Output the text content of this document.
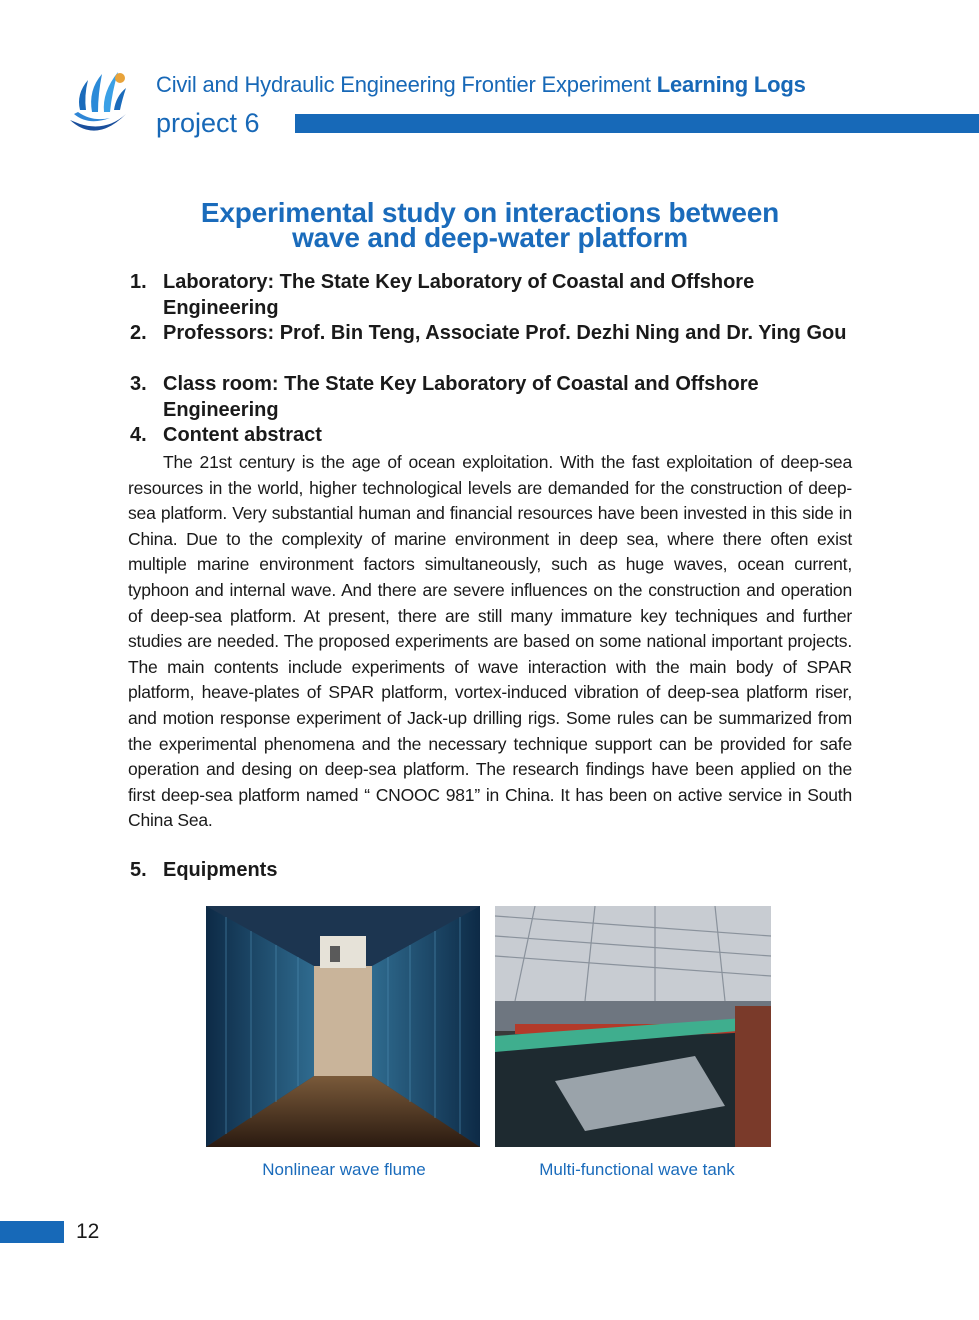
Civil and Hydraulic Engineering Frontier Experiment Learning Logs
project 6
Experimental study on interactions between
wave and deep-water platform
1. Laboratory: The State Key Laboratory of Coastal and Offshore Engineering
2. Professors: Prof. Bin Teng, Associate Prof. Dezhi Ning and Dr. Ying Gou
3. Class room: The State Key Laboratory of Coastal and Offshore Engineering
4. Content abstract

The 21st century is the age of ocean exploitation. With the fast exploitation of deep-sea resources in the world, higher technological levels are demanded for the construction of deep-sea platform. Very substantial human and financial resources have been invested in this side in China. Due to the complexity of marine environment in deep sea, where there often exist multiple marine environment factors simultaneously, such as huge waves, ocean current, typhoon and internal wave. And there are severe influences on the construction and operation of deep-sea platform. At present, there are still many immature key techniques and further studies are needed. The proposed experiments are based on some national important projects. The main contents include experiments of wave interaction with the main body of SPAR platform, heave-plates of SPAR platform, vortex-induced vibration of deep-sea platform riser, and motion response experiment of Jack-up drilling rigs. Some rules can be summarized from the experimental phenomena and the necessary technique support can be provided for safe operation and desing on deep-sea platform. The research findings have been applied on the first deep-sea platform named “ CNOOC 981” in China. It has been on active service in South China Sea.

5. Equipments
Nonlinear wave flume	Multi-functional wave tank
12
